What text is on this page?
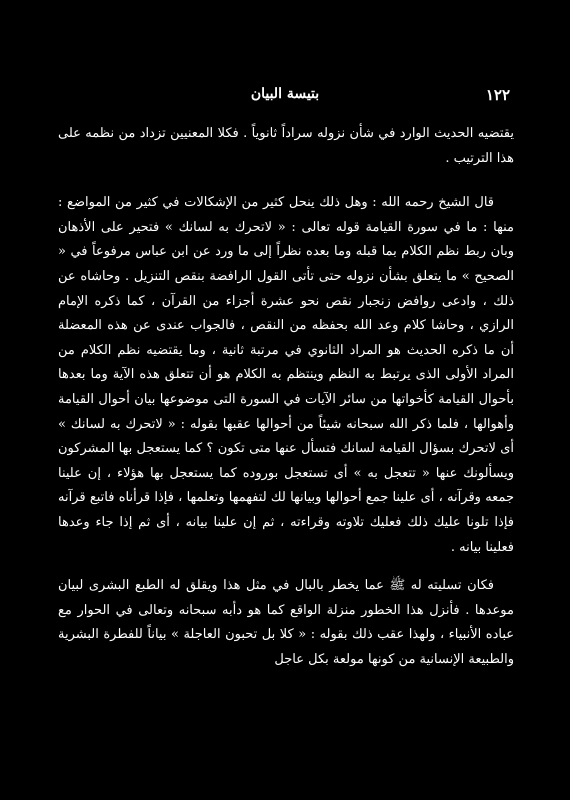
١٢٢
بتيسة البيان

يقتضيه الحديث الوارد في شأن نزوله سراداً ثانوياً . فكلا المعنيين تزداد من نظمه على هذا الترتيب .

قال الشيخ رحمه الله : وهل ذلك ينحل كثير من الإشكالات في كثير من المواضع : منها : ما في سورة القيامة قوله تعالى : « لاتحرك به لسانك » فتحير على الأذهان وبان ربط نظم الكلام بما قبله وما بعده نظراً إلى ما ورد عن ابن عباس مرفوعاً في « الصحيح » ما يتعلق بشأن نزوله حتى تأتى القول الرافضة بنقص التنزيل . وحاشاه عن ذلك ، وادعى روافض زنجبار نقص نحو عشرة أجزاء من القرآن ، كما ذكره الإمام الرازي ، وحاشا كلام وعد الله بحفظه من النقص ، فالجواب عندى عن هذه المعضلة أن ما ذكره الحديث هو المراد الثانوي في مرتبة ثانية ، وما يقتضيه نظم الكلام من المراد الأولى الذى يرتبط به النظم وينتظم به الكلام هو أن تتعلق هذه الآية وما بعدها بأحوال القيامة كأخواتها من سائر الآيات في السورة التى موضوعها بيان أحوال القيامة وأهوالها ، فلما ذكر الله سبحانه شيئاً من أحوالها عقبها بقوله : « لاتحرك به لسانك » أى لاتحرك بسؤال القيامة لسانك فتسأل عنها متى تكون ؟ كما يستعجل بها المشركون ويسألونك عنها « تتعجل به » أى تستعجل بوروده كما يستعجل بها هؤلاء ، إن علينا جمعه وقرآنه ، أى علينا جمع أحوالها وبيانها لك لتفهمها وتعلمها ، فإذا قرأناه فاتبع قرآنه فإذا تلونا عليك ذلك فعليك تلاوته وقراءته ، ثم إن علينا بيانه ، أى ثم إذا جاء وعدها فعلينا بيانه .

فكان تسليته له ﷺ عما يخطر بالبال في مثل هذا ويقلق له الطبع البشرى لبيان موعدها . فأنزل هذا الخطور منزلة الواقع كما هو دأبه سبحانه وتعالى في الحوار مع عباده الأنبياء ، ولهذا عقب ذلك بقوله : « كلا بل تحبون العاجلة » بياناً للفطرة البشرية والطبيعة الإنسانية من كونها مولعة بكل عاجل
